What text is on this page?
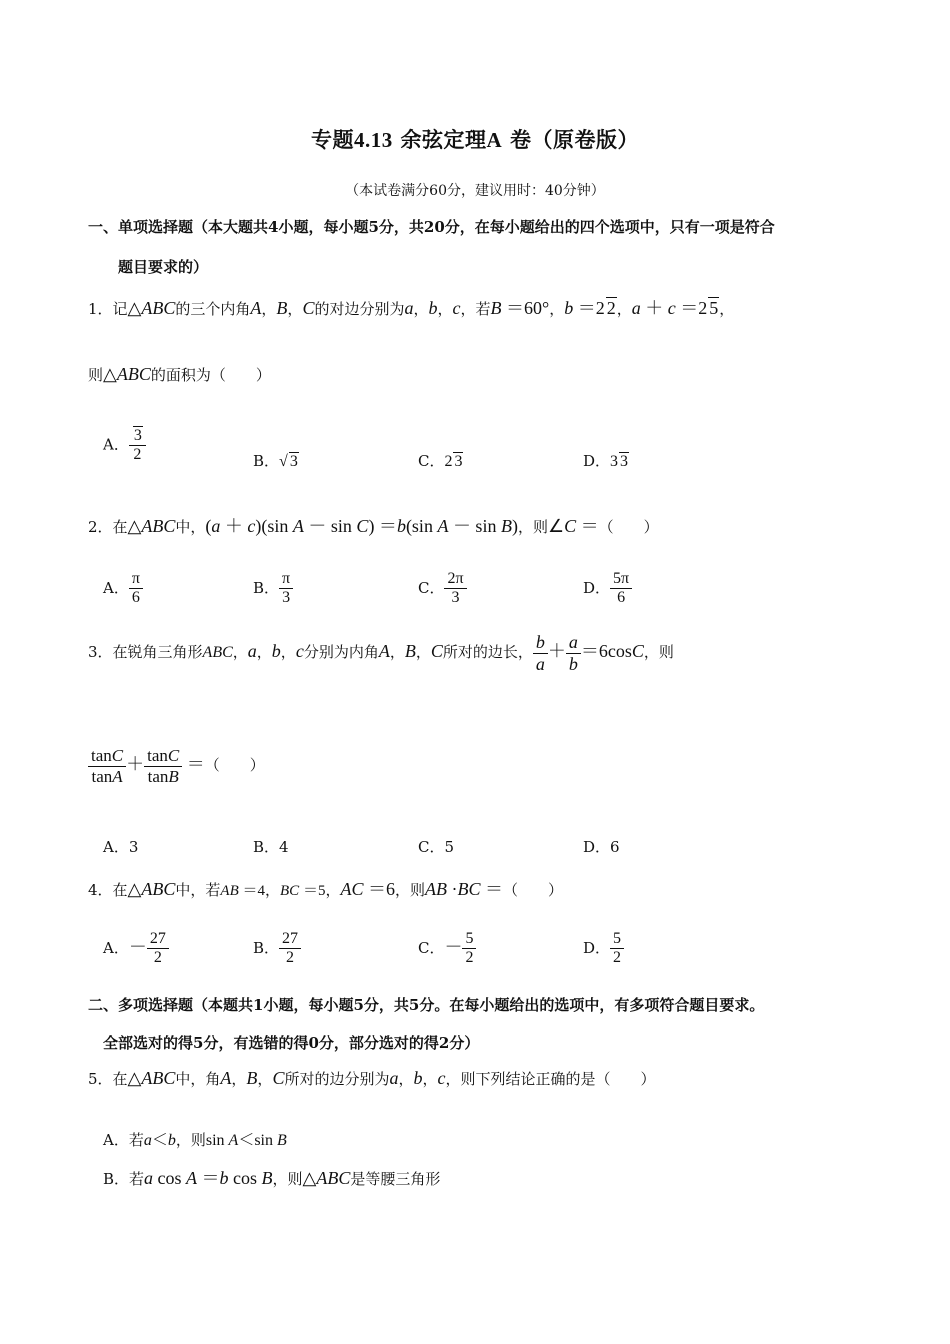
专题4.13 余弦定理A 卷（原卷版）
（本试卷满分60分，建议用时：40分钟）
一、单项选择题（本大题共4小题，每小题5分，共20分，在每小题给出的四个选项中，只有一项是符合
题目要求的）
1．记△ABC的三个内角A，B，C的对边分别为a，b，c，若B ＝60°，b ＝2 2，a ＋ c ＝2 5，
则△ABC的面积为（　　）
A． $\frac{3}{2}$	B．√ 3	C．2 3	D．3 3
2．在△ABC中，(a ＋ c)(sin A － sin C) ＝b(sin A － sin B)，则∠C ＝（　　）
A． $\frac{\pi}{6}$	B． $\frac{\pi}{3}$	C． $\frac{2\pi}{3}$	D． $\frac{5\pi}{6}$
3．在锐角三角形ABC，a，b，c分别为内角A，B，C所对的边长， $\frac{b}{a} + \frac{a}{b} =6\cos C$，则
$\frac{\tan C}{\tan A} + \frac{\tan C}{\tan B}$ ＝（　　）
A．3	B．4	C．5	D．6
4．在△ABC中，若AB ＝4，BC ＝5，AC ＝6，则AB ·BC ＝（　　）
A．－ $\frac{27}{2}$	B． $\frac{27}{2}$	C．－ $\frac{5}{2}$	D． $\frac{5}{2}$
二、多项选择题（本题共1小题，每小题5分，共5分。在每小题给出的选项中，有多项符合题目要求。
全部选对的得5分，有选错的得0分，部分选对的得2分）
5．在△ABC中，角A，B，C所对的边分别为a，b，c，则下列结论正确的是（　　）
A．若a＜b，则sin A＜sin B
B．若a cos A ＝b cos B，则△ABC是等腰三角形
